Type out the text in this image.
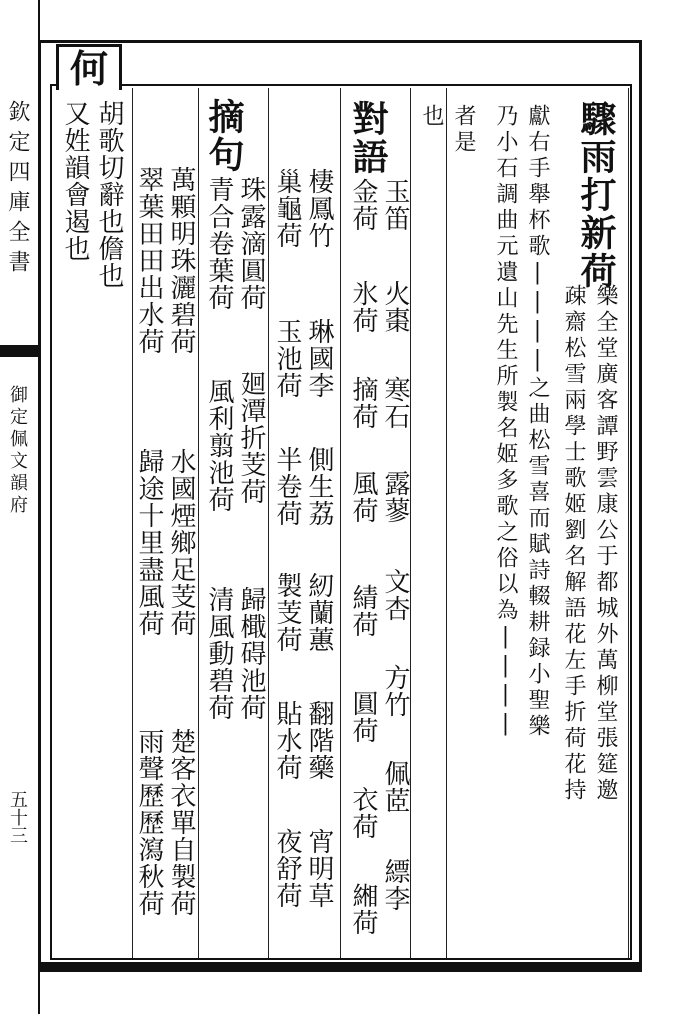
欽定四庫全書
御定佩文韻府
五十三
何
驟雨打新荷
樂全堂廣客譚野雲康公于都城外萬柳堂張筵邀
疎齋松雪兩學士歌姬劉名解語花左手折荷花持
獻右手舉杯歌||||之曲松雪喜而賦詩輟耕録小聖樂
乃小石調曲元遺山先生所製名姬多歌之俗以為||||
者是
也
對語
玉笛
火棗
寒石
露蓼
文杏
方竹
佩茝
縹李
金荷
氷荷
摘荷
風荷
綪荷
圓荷
衣荷
緗荷
棲鳳竹
琳國李
側生荔
紉蘭蕙
翻階藥
宵明草
巢龜荷
玉池荷
半卷荷
製芰荷
貼水荷
夜舒荷
摘句
珠露滴圓荷
廻潭折芰荷
歸檝碍池荷
青合卷葉荷
風利翦池荷
清風動碧荷
萬顆明珠灑碧荷
水國煙鄉足芰荷
楚客衣單自製荷
翠葉田田出水荷
歸途十里盡風荷
雨聲歷歷瀉秋荷
胡歌切辭也儋也
又姓韻會遏也
